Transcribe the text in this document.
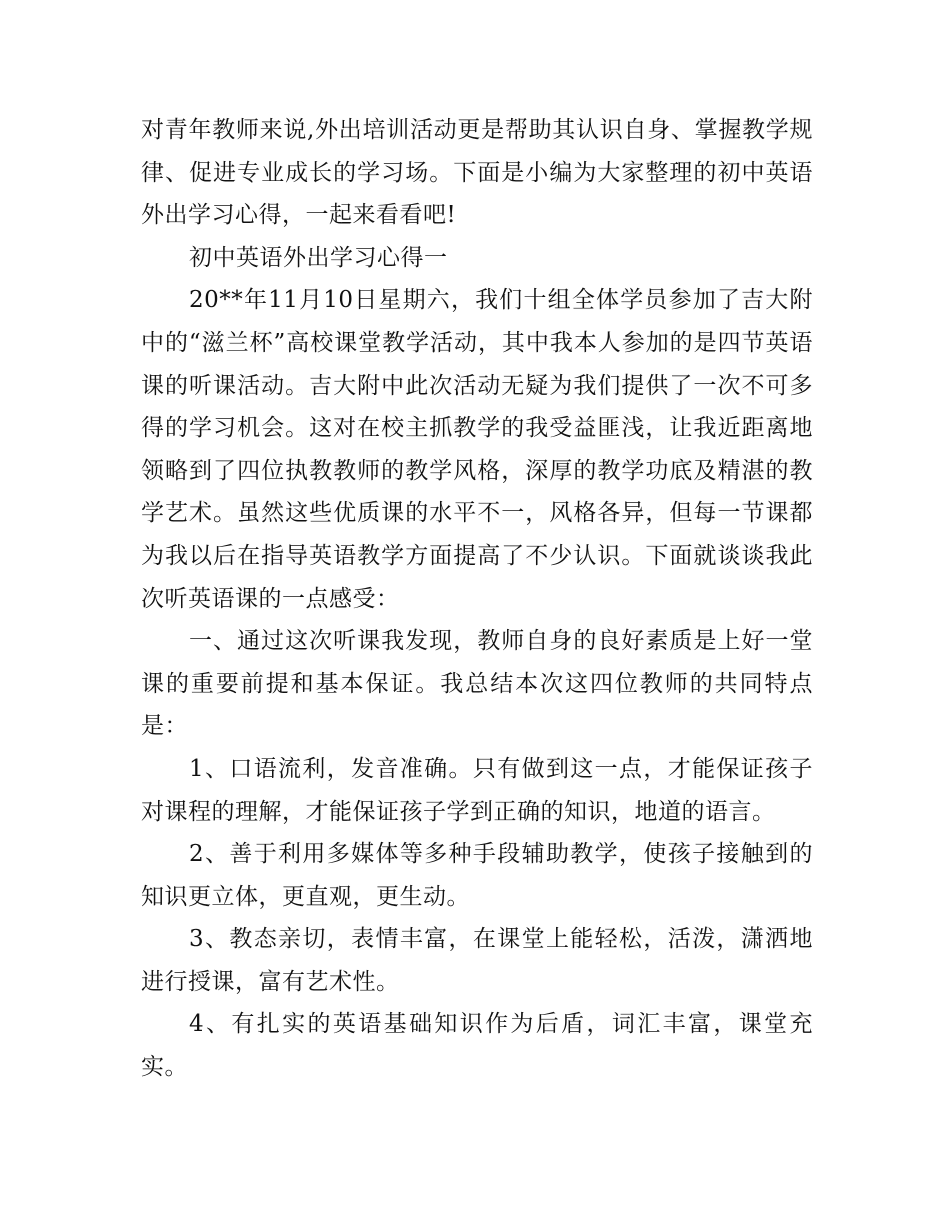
对青年教师来说,外出培训活动更是帮助其认识自身、掌握教学规律、促进专业成长的学习场。下面是小编为大家整理的初中英语外出学习心得，一起来看看吧!

初中英语外出学习心得一

20**年11月10日星期六，我们十组全体学员参加了吉大附中的“滋兰杯”高校课堂教学活动，其中我本人参加的是四节英语课的听课活动。吉大附中此次活动无疑为我们提供了一次不可多得的学习机会。这对在校主抓教学的我受益匪浅，让我近距离地领略到了四位执教教师的教学风格，深厚的教学功底及精湛的教学艺术。虽然这些优质课的水平不一，风格各异，但每一节课都为我以后在指导英语教学方面提高了不少认识。下面就谈谈我此次听英语课的一点感受：

一、通过这次听课我发现，教师自身的良好素质是上好一堂课的重要前提和基本保证。我总结本次这四位教师的共同特点是：

1、口语流利，发音准确。只有做到这一点，才能保证孩子对课程的理解，才能保证孩子学到正确的知识，地道的语言。

2、善于利用多媒体等多种手段辅助教学，使孩子接触到的知识更立体，更直观，更生动。

3、教态亲切，表情丰富，在课堂上能轻松，活泼，潇洒地进行授课，富有艺术性。

4、有扎实的英语基础知识作为后盾，词汇丰富，课堂充实。
